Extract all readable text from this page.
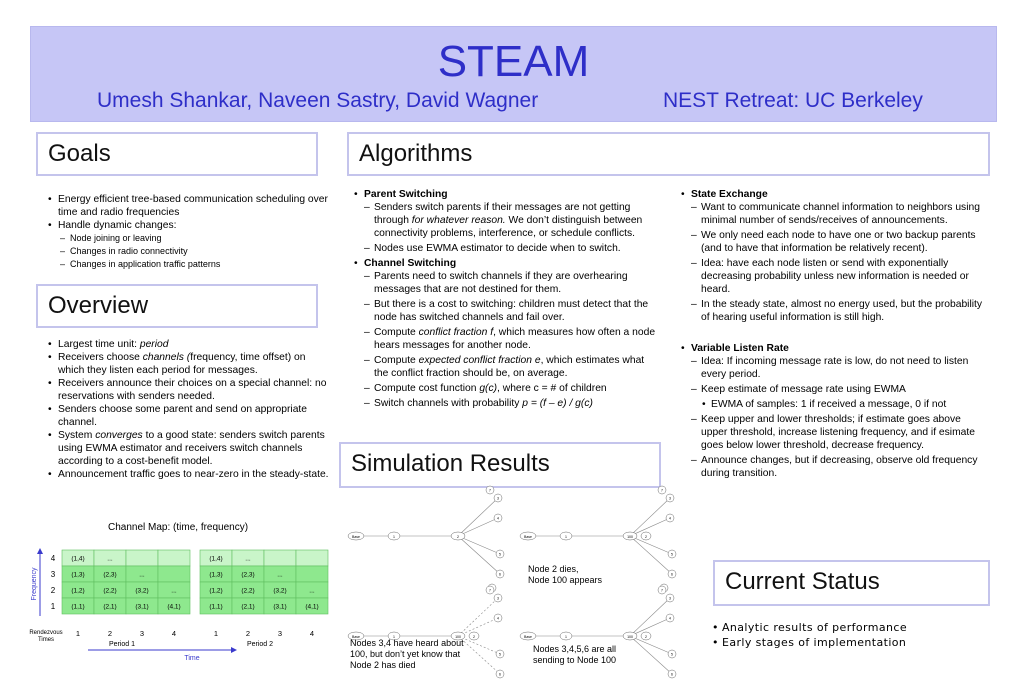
STEAM
Umesh Shankar, Naveen Sastry, David Wagner	NEST Retreat: UC Berkeley
Goals
• Energy efficient tree-based communication scheduling over time and radio frequencies
• Handle dynamic changes:
– Node joining or leaving
– Changes in radio connectivity
– Changes in application traffic patterns
Overview
• Largest time unit: period
• Receivers choose channels (frequency, time offset) on which they listen each period for messages.
• Receivers announce their choices on a special channel: no reservations with senders needed.
• Senders choose some parent and send on appropriate channel.
• System converges to a good state: senders switch parents using EWMA estimator and receivers switch channels according to a cost-benefit model.
• Announcement traffic goes to near-zero in the steady-state.
Channel Map: (time, frequency)
Frequency
4
3
2
1
(1,4)	...
(1,3)	(2,3)	...
(1,2)	(2,2)	(3,2)	...
(1,1)	(2,1)	(3,1)	(4,1)
1	2	3	4
Period 1
(1,4)	...
(1,3)	(2,3)	...
(1,2)	(2,2)	(3,2)	...
(1,1)	(2,1)	(3,1)	(4,1)
1	2	3	4
Period 2
Rendezvous
Times
Time
Algorithms
• Parent Switching
– Senders switch parents if their messages are not getting through for whatever reason. We don’t distinguish between connectivity problems, interference, or schedule conflicts.
– Nodes use EWMA estimator to decide when to switch.
• Channel Switching
– Parents need to switch channels if they are overhearing messages that are not destined for them.
– But there is a cost to switching: children must detect that the node has switched channels and fail over.
– Compute conflict fraction f, which measures how often a node hears messages for another node.
– Compute expected conflict fraction e, which estimates what the conflict fraction should be, on average.
– Compute cost function g(c), where c = # of children
– Switch channels with probability p = (f – e) / g(c)
• State Exchange
– Want to communicate channel information to neighbors using minimal number of sends/receives of announcements.
– We only need each node to have one or two backup parents (and to have that information be relatively recent).
– Idea: have each node listen or send with exponentially decreasing probability unless new information is needed or heard.
– In the steady state, almost no energy used, but the probability of hearing useful information is still high.
• Variable Listen Rate
– Idea: If incoming message rate is low, do not need to listen every period.
– Keep estimate of message rate using EWMA
• EWMA of samples: 1 if received a message, 0 if not
– Keep upper and lower thresholds; if estimate goes above upper threshold, increase listening frequency, and if esimate goes below lower threshold, decrease frequency.
– Announce changes, but if decreasing, observe old frequency during transition.
Simulation Results
Base	1	2
3
4
5
6
7
Base	1	100	2
3
4
5
6
7
Base	1	100	2
3
4
5
6
7
Base	1	100	2
3
4
5
6
7
Node 2 dies,
Node 100 appears
Nodes 3,4 have heard about 100, but don’t yet know that Node 2 has died
Nodes 3,4,5,6 are all sending to Node 100
Current Status
• Analytic results of performance
• Early stages of implementation
